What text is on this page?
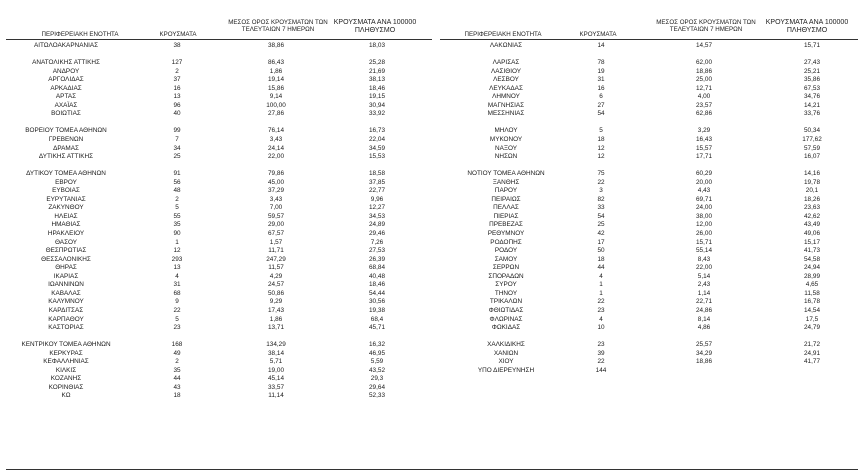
ΠΕΡΙΦΕΡΕΙΑΚΗ ΕΝΟΤΗΤΑ	ΚΡΟΥΣΜΑΤΑ
ΜΕΣΟΣ ΟΡΟΣ ΚΡΟΥΣΜΑΤΩΝ ΤΩΝ
ΤΕΛΕΥΤΑΙΩΝ 7 ΗΜΕΡΩΝ
ΚΡΟΥΣΜΑΤΑ ΑΝΑ 100000
ΠΛΗΘΥΣΜΟ
ΠΕΡΙΦΕΡΕΙΑΚΗ ΕΝΟΤΗΤΑ	ΚΡΟΥΣΜΑΤΑ
ΜΕΣΟΣ ΟΡΟΣ ΚΡΟΥΣΜΑΤΩΝ ΤΩΝ
ΤΕΛΕΥΤΑΙΩΝ 7 ΗΜΕΡΩΝ
ΚΡΟΥΣΜΑΤΑ ΑΝΑ 100000
ΠΛΗΘΥΣΜΟ
ΑΙΤΩΛΟΑΚΑΡΝΑΝΙΑΣ	38	38,86	18,03
ΑΝΑΤΟΛΙΚΗΣ ΑΤΤΙΚΗΣ	127	86,43	25,28
ΑΝΔΡΟΥ	2	1,86	21,69
ΑΡΓΟΛΙΔΑΣ	37	19,14	38,13
ΑΡΚΑΔΙΑΣ	16	15,86	18,46
ΑΡΤΑΣ	13	9,14	19,15
ΑΧΑΪΑΣ	96	100,00	30,94
ΒΟΙΩΤΙΑΣ	40	27,86	33,92
ΒΟΡΕΙΟΥ ΤΟΜΕΑ ΑΘΗΝΩΝ	99	76,14	16,73
ΓΡΕΒΕΝΩΝ	7	3,43	22,04
ΔΡΑΜΑΣ	34	24,14	34,59
ΔΥΤΙΚΗΣ ΑΤΤΙΚΗΣ	25	22,00	15,53
ΔΥΤΙΚΟΥ ΤΟΜΕΑ ΑΘΗΝΩΝ	91	79,86	18,58
ΕΒΡΟΥ	56	45,00	37,85
ΕΥΒΟΙΑΣ	48	37,29	22,77
ΕΥΡΥΤΑΝΙΑΣ	2	3,43	9,96
ΖΑΚΥΝΘΟΥ	5	7,00	12,27
ΗΛΕΙΑΣ	55	59,57	34,53
ΗΜΑΘΙΑΣ	35	29,00	24,89
ΗΡΑΚΛΕΙΟΥ	90	67,57	29,46
ΘΑΣΟΥ	1	1,57	7,26
ΘΕΣΠΡΩΤΙΑΣ	12	11,71	27,53
ΘΕΣΣΑΛΟΝΙΚΗΣ	293	247,29	26,39
ΘΗΡΑΣ	13	11,57	68,84
ΙΚΑΡΙΑΣ	4	4,29	40,48
ΙΩΑΝΝΙΝΩΝ	31	24,57	18,46
ΚΑΒΑΛΑΣ	68	50,86	54,44
ΚΑΛΥΜΝΟΥ	9	9,29	30,56
ΚΑΡΔΙΤΣΑΣ	22	17,43	19,38
ΚΑΡΠΑΘΟΥ	5	1,86	68,4
ΚΑΣΤΟΡΙΑΣ	23	13,71	45,71
ΚΕΝΤΡΙΚΟΥ ΤΟΜΕΑ ΑΘΗΝΩΝ	168	134,29	16,32
ΚΕΡΚΥΡΑΣ	49	38,14	46,95
ΚΕΦΑΛΛΗΝΙΑΣ	2	5,71	5,59
ΚΙΛΚΙΣ	35	19,00	43,52
ΚΟΖΑΝΗΣ	44	45,14	29,3
ΚΟΡΙΝΘΙΑΣ	43	33,57	29,64
ΚΩ	18	11,14	52,33
ΛΑΚΩΝΙΑΣ	14	14,57	15,71
ΛΑΡΙΣΑΣ	78	62,00	27,43
ΛΑΣΙΘΙΟΥ	19	18,86	25,21
ΛΕΣΒΟΥ	31	25,00	35,86
ΛΕΥΚΑΔΑΣ	16	12,71	67,53
ΛΗΜΝΟΥ	6	4,00	34,76
ΜΑΓΝΗΣΙΑΣ	27	23,57	14,21
ΜΕΣΣΗΝΙΑΣ	54	62,86	33,76
ΜΗΛΟΥ	5	3,29	50,34
ΜΥΚΟΝΟΥ	18	16,43	177,62
ΝΑΞΟΥ	12	15,57	57,59
ΝΗΣΩΝ	12	17,71	16,07
ΝΟΤΙΟΥ ΤΟΜΕΑ ΑΘΗΝΩΝ	75	60,29	14,16
ΞΑΝΘΗΣ	22	20,00	19,78
ΠΑΡΟΥ	3	4,43	20,1
ΠΕΙΡΑΙΩΣ	82	69,71	18,26
ΠΕΛΛΑΣ	33	24,00	23,63
ΠΙΕΡΙΑΣ	54	38,00	42,62
ΠΡΕΒΕΖΑΣ	25	12,00	43,49
ΡΕΘΥΜΝΟΥ	42	26,00	49,06
ΡΟΔΟΠΗΣ	17	15,71	15,17
ΡΟΔΟΥ	50	55,14	41,73
ΣΑΜΟΥ	18	8,43	54,58
ΣΕΡΡΩΝ	44	22,00	24,94
ΣΠΟΡΑΔΩΝ	4	5,14	28,99
ΣΥΡΟΥ	1	2,43	4,65
ΤΗΝΟΥ	1	1,14	11,58
ΤΡΙΚΑΛΩΝ	22	22,71	16,78
ΦΘΙΩΤΙΔΑΣ	23	24,86	14,54
ΦΛΩΡΙΝΑΣ	4	8,14	17,5
ΦΩΚΙΔΑΣ	10	4,86	24,79
ΧΑΛΚΙΔΙΚΗΣ	23	25,57	21,72
ΧΑΝΙΩΝ	39	34,29	24,91
ΧΙΟΥ	22	18,86	41,77
ΥΠΟ ΔΙΕΡΕΥΝΗΣΗ	144
